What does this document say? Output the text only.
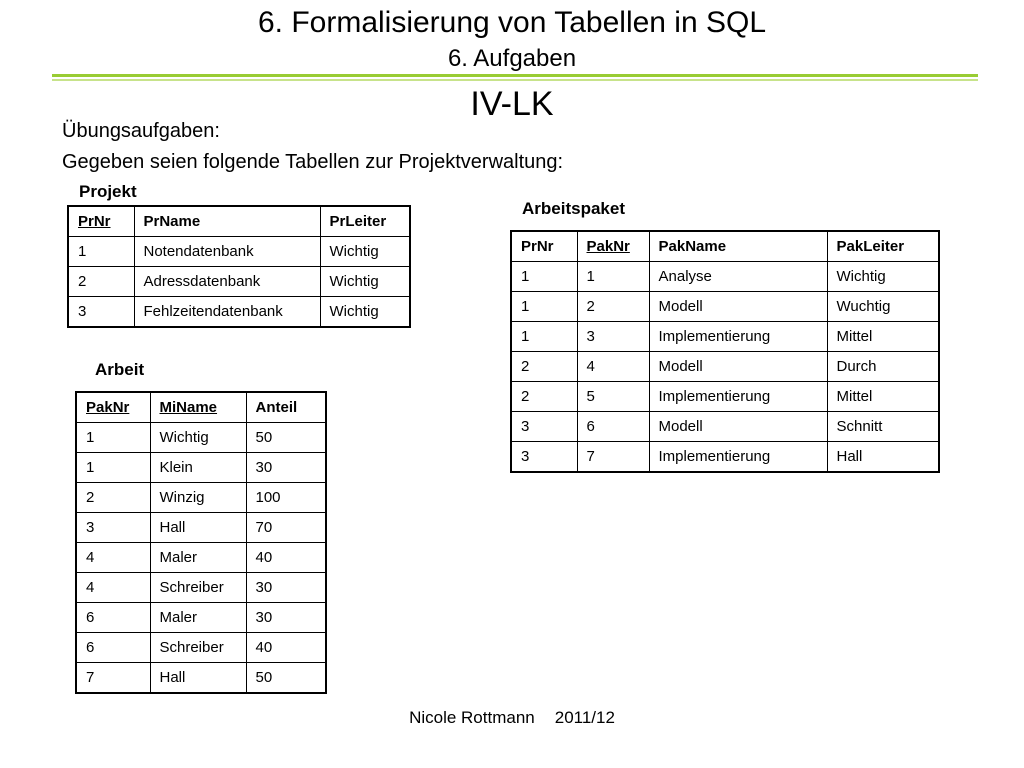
6. Formalisierung von Tabellen in SQL
6. Aufgaben
IV-LK
Übungsaufgaben:
Gegeben seien folgende Tabellen zur Projektverwaltung:
Projekt
PrNr	PrName	PrLeiter
1	Notendatenbank	Wichtig
2	Adressdatenbank	Wichtig
3	Fehlzeitendatenbank	Wichtig
Arbeitspaket
PrNr	PakNr	PakName	PakLeiter
1	1	Analyse	Wichtig
1	2	Modell	Wuchtig
1	3	Implementierung	Mittel
2	4	Modell	Durch
2	5	Implementierung	Mittel
3	6	Modell	Schnitt
3	7	Implementierung	Hall
Arbeit
PakNr	MiName	Anteil
1	Wichtig	50
1	Klein	30
2	Winzig	100
3	Hall	70
4	Maler	40
4	Schreiber	30
6	Maler	30
6	Schreiber	40
7	Hall	50
Nicole Rottmann 2011/12
